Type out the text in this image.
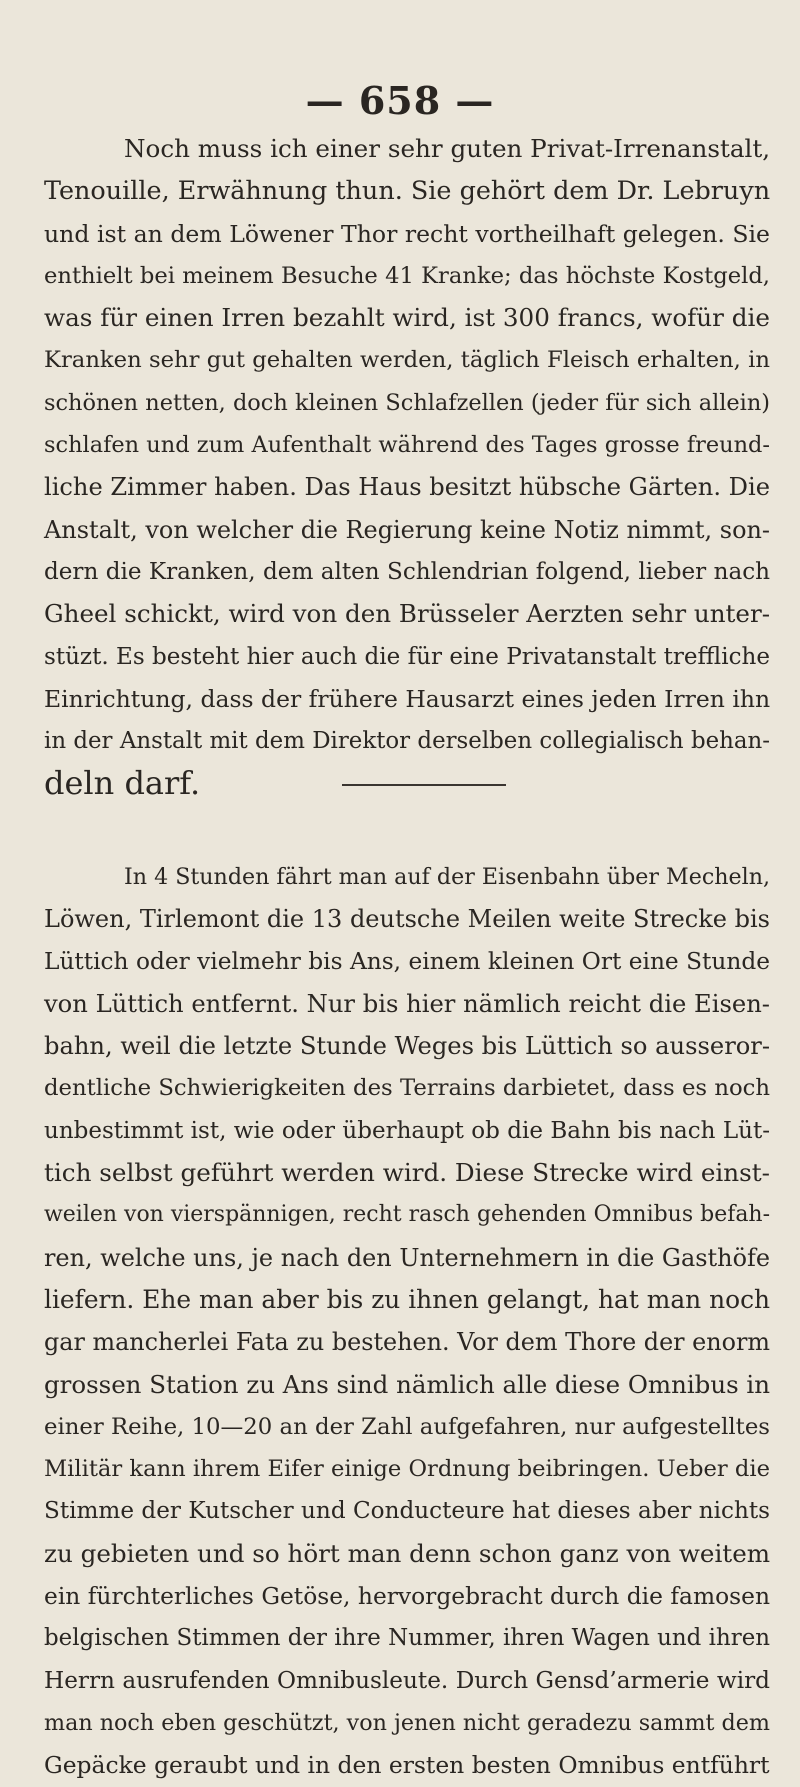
— 658 —
Noch muss ich einer sehr guten Privat-Irrenanstalt,
Tenouille, Erwähnung thun. Sie gehört dem Dr. Lebruyn
und ist an dem Löwener Thor recht vortheilhaft gelegen. Sie
enthielt bei meinem Besuche 41 Kranke; das höchste Kostgeld,
was für einen Irren bezahlt wird, ist 300 francs, wofür die
Kranken sehr gut gehalten werden, täglich Fleisch erhalten, in
schönen netten, doch kleinen Schlafzellen (jeder für sich allein)
schlafen und zum Aufenthalt während des Tages grosse freund-
liche Zimmer haben. Das Haus besitzt hübsche Gärten. Die
Anstalt, von welcher die Regierung keine Notiz nimmt, son-
dern die Kranken, dem alten Schlendrian folgend, lieber nach
Gheel schickt, wird von den Brüsseler Aerzten sehr unter-
stüzt. Es besteht hier auch die für eine Privatanstalt treffliche
Einrichtung, dass der frühere Hausarzt eines jeden Irren ihn
in der Anstalt mit dem Direktor derselben collegialisch behan-
deln darf.
In 4 Stunden fährt man auf der Eisenbahn über Mecheln,
Löwen, Tirlemont die 13 deutsche Meilen weite Strecke bis
Lüttich oder vielmehr bis Ans, einem kleinen Ort eine Stunde
von Lüttich entfernt. Nur bis hier nämlich reicht die Eisen-
bahn, weil die letzte Stunde Weges bis Lüttich so ausseror-
dentliche Schwierigkeiten des Terrains darbietet, dass es noch
unbestimmt ist, wie oder überhaupt ob die Bahn bis nach Lüt-
tich selbst geführt werden wird. Diese Strecke wird einst-
weilen von vierspännigen, recht rasch gehenden Omnibus befah-
ren, welche uns, je nach den Unternehmern in die Gasthöfe
liefern. Ehe man aber bis zu ihnen gelangt, hat man noch
gar mancherlei Fata zu bestehen. Vor dem Thore der enorm
grossen Station zu Ans sind nämlich alle diese Omnibus in
einer Reihe, 10—20 an der Zahl aufgefahren, nur aufgestelltes
Militär kann ihrem Eifer einige Ordnung beibringen. Ueber die
Stimme der Kutscher und Conducteure hat dieses aber nichts
zu gebieten und so hört man denn schon ganz von weitem
ein fürchterliches Getöse, hervorgebracht durch die famosen
belgischen Stimmen der ihre Nummer, ihren Wagen und ihren
Herrn ausrufenden Omnibusleute. Durch Gensd’armerie wird
man noch eben geschützt, von jenen nicht geradezu sammt dem
Gepäcke geraubt und in den ersten besten Omnibus entführt
